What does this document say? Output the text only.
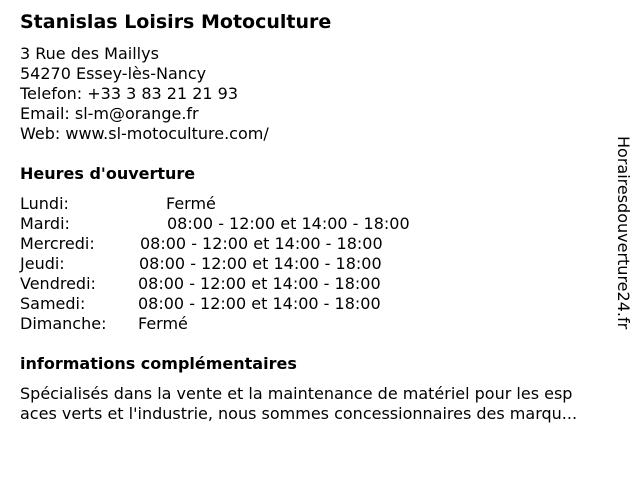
Stanislas Loisirs Motoculture
3 Rue des Maillys
54270 Essey-lès-Nancy
Telefon: +33 3 83 21 21 93
Email: sl-m@orange.fr
Web: www.sl-motoculture.com/
Heures d'ouverture
Lundi:	Fermé
Mardi:	08:00 - 12:00 et 14:00 - 18:00
Mercredi:	08:00 - 12:00 et 14:00 - 18:00
Jeudi:	08:00 - 12:00 et 14:00 - 18:00
Vendredi:	08:00 - 12:00 et 14:00 - 18:00
Samedi:	08:00 - 12:00 et 14:00 - 18:00
Dimanche: Fermé
informations complémentaires
Spécialisés dans la vente et la maintenance de matériel pour les esp
aces verts et l'industrie, nous sommes concessionnaires des marqu...
Horairesdouverture24.fr
